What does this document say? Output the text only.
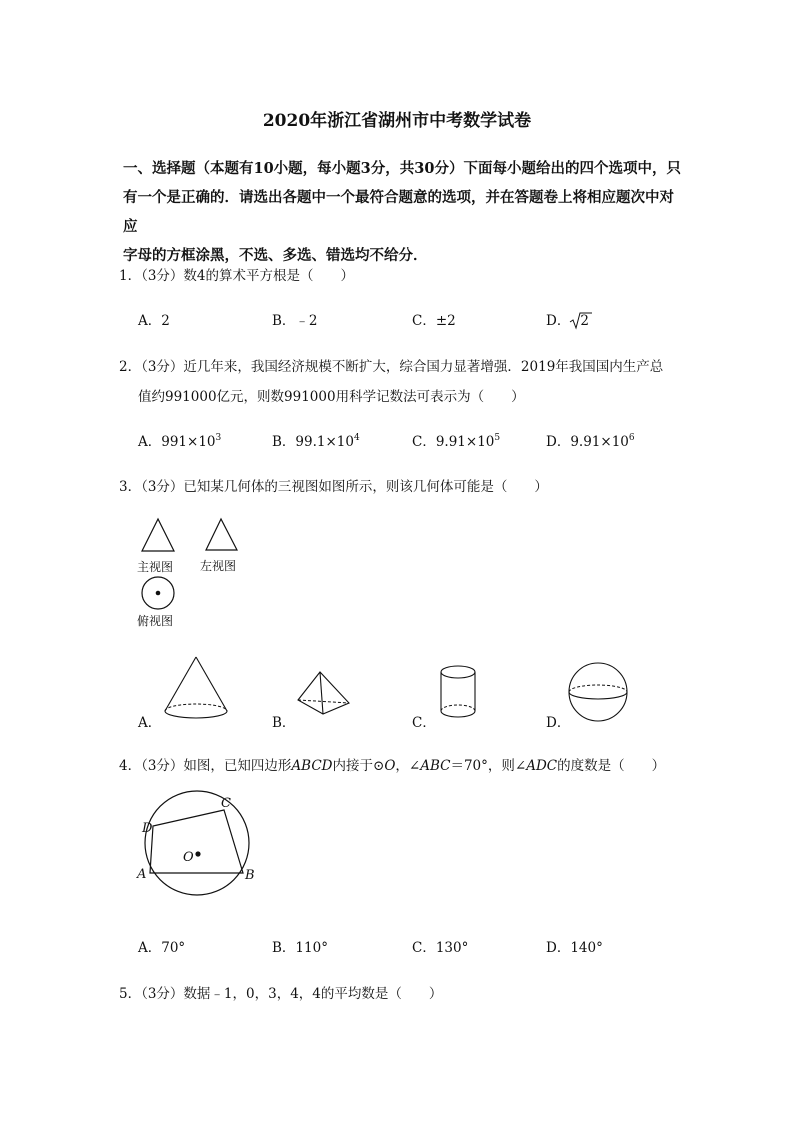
2020年浙江省湖州市中考数学试卷
一、选择题（本题有10小题，每小题3分，共30分）下面每小题给出的四个选项中，只
有一个是正确的．请选出各题中一个最符合题意的选项，并在答题卷上将相应题次中对应
字母的方框涂黑，不选、多选、错选均不给分．
1．（3分）数4的算术平方根是（　　）
A．2	B．﹣2	C．±2	D． 2
2．（3分）近几年来，我国经济规模不断扩大，综合国力显著增强．2019年我国国内生产总
值约991000亿元，则数991000用科学记数法可表示为（　　）
A．$991\times 10^3$	B．$99.1\times 10^4$	C．$9.91\times 10^5$	D．$9.91\times 10^6$
3．（3分）已知某几何体的三视图如图所示，则该几何体可能是（　　）
主视图 左视图
俯视图
A．	B．	C．	D．
4．（3分）如图，已知四边形ABCD内接于⊙O，∠ABC＝70°，则∠ADC的度数是（　　）
C
D
O
A	B
A．70°	B．110°	C．130°	D．140°
5．（3分）数据﹣1，0，3，4，4的平均数是（　　）
